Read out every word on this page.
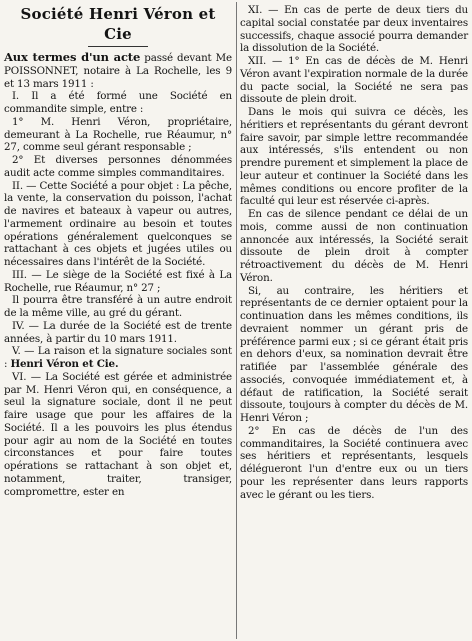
Société Henri Véron et Cie

Aux termes d'un acte passé devant Me POISSONNET, notaire à La Rochelle, les 9 et 13 mars 1911 :

I. Il a été formé une Société en commandite simple, entre :

1° M. Henri Véron, propriétaire, demeurant à La Rochelle, rue Réaumur, n° 27, comme seul gérant responsable ;

2° Et diverses personnes dénommées audit acte comme simples commanditaires.

II. — Cette Société a pour objet : La pêche, la vente, la conservation du poisson, l'achat de navires et bateaux à vapeur ou autres, l'armement ordinaire au besoin et toutes opérations généralement quelconques se rattachant à ces objets et jugées utiles ou nécessaires dans l'intérêt de la Société.

III. — Le siège de la Société est fixé à La Rochelle, rue Réaumur, n° 27 ;

Il pourra être transféré à un autre endroit de la même ville, au gré du gérant.

IV. — La durée de la Société est de trente années, à partir du 10 mars 1911.

V. — La raison et la signature sociales sont : Henri Véron et Cie.

VI. — La Société est gérée et administrée par M. Henri Véron qui, en conséquence, a seul la signature sociale, dont il ne peut faire usage que pour les affaires de la Société. Il a les pouvoirs les plus étendus pour agir au nom de la Société en toutes circonstances et pour faire toutes opérations se rattachant à son objet et, notamment, traiter, transiger, compromettre, ester en

XI. — En cas de perte de deux tiers du capital social constatée par deux inventaires successifs, chaque associé pourra demander la dissolution de la Société.

XII. — 1° En cas de décès de M. Henri Véron avant l'expiration normale de la durée du pacte social, la Société ne sera pas dissoute de plein droit.

Dans le mois qui suivra ce décès, les héritiers et représentants du gérant devront faire savoir, par simple lettre recommandée aux intéressés, s'ils entendent ou non prendre purement et simplement la place de leur auteur et continuer la Société dans les mêmes conditions ou encore profiter de la faculté qui leur est réservée ci-après.

En cas de silence pendant ce délai de un mois, comme aussi de non continuation annoncée aux intéressés, la Société serait dissoute de plein droit à compter rétroactivement du décès de M. Henri Véron.

Si, au contraire, les héritiers et représentants de ce dernier optaient pour la continuation dans les mêmes conditions, ils devraient nommer un gérant pris de préférence parmi eux ; si ce gérant était pris en dehors d'eux, sa nomination devrait être ratifiée par l'assemblée générale des associés, convoquée immédiatement et, à défaut de ratification, la Société serait dissoute, toujours à compter du décès de M. Henri Véron ;

2° En cas de décès de l'un des commanditaires, la Société continuera avec ses héritiers et représentants, lesquels délégueront l'un d'entre eux ou un tiers pour les représenter dans leurs rapports avec le gérant ou les tiers.
